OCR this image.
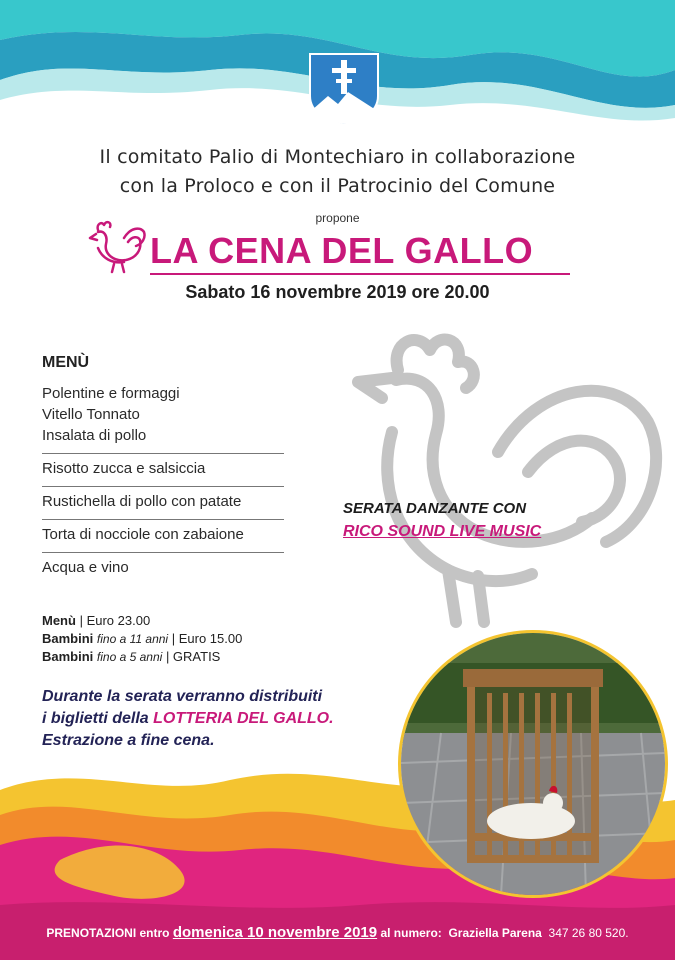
Il comitato Palio di Montechiaro in collaborazione
con la Proloco e con il Patrocinio del Comune
propone
LA CENA DEL GALLO
Sabato 16 novembre 2019 ore 20.00
MENÙ
Polentine e formaggi
Vitello Tonnato
Insalata di pollo
Risotto zucca e salsiccia
Rustichella di pollo con patate
Torta di nocciole con zabaione
Acqua e vino
SERATA DANZANTE CON
RICO SOUND LIVE MUSIC
Menù | Euro 23.00
Bambini fino a 11 anni | Euro 15.00
Bambini fino a 5 anni | GRATIS
Durante la serata verranno distribuiti
i biglietti della LOTTERIA DEL GALLO.
Estrazione a fine cena.
PRENOTAZIONI entro domenica 10 novembre 2019 al numero: Graziella Parena 347 26 80 520.
